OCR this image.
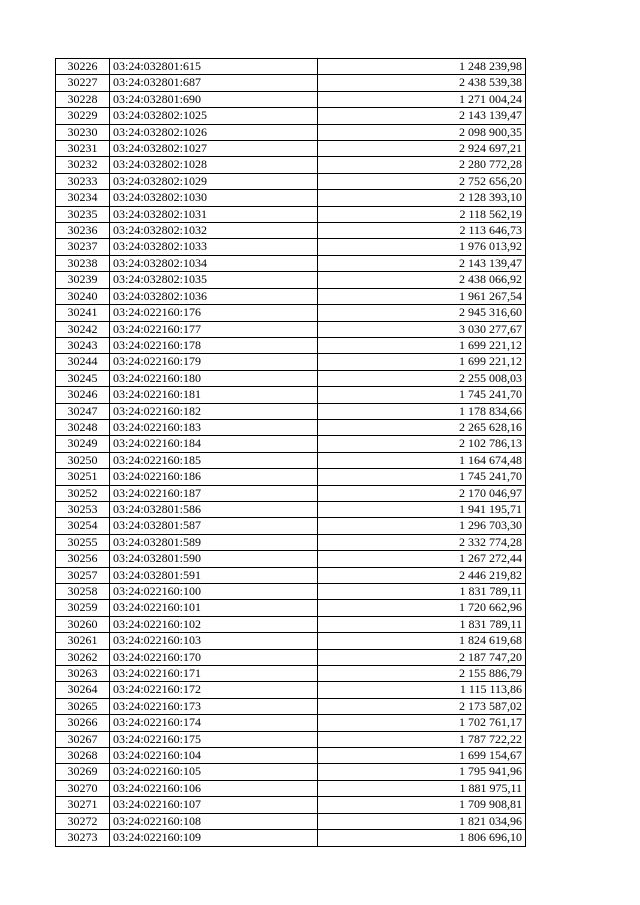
30226	03:24:032801:615	1 248 239,98
30227	03:24:032801:687	2 438 539,38
30228	03:24:032801:690	1 271 004,24
30229	03:24:032802:1025	2 143 139,47
30230	03:24:032802:1026	2 098 900,35
30231	03:24:032802:1027	2 924 697,21
30232	03:24:032802:1028	2 280 772,28
30233	03:24:032802:1029	2 752 656,20
30234	03:24:032802:1030	2 128 393,10
30235	03:24:032802:1031	2 118 562,19
30236	03:24:032802:1032	2 113 646,73
30237	03:24:032802:1033	1 976 013,92
30238	03:24:032802:1034	2 143 139,47
30239	03:24:032802:1035	2 438 066,92
30240	03:24:032802:1036	1 961 267,54
30241	03:24:022160:176	2 945 316,60
30242	03:24:022160:177	3 030 277,67
30243	03:24:022160:178	1 699 221,12
30244	03:24:022160:179	1 699 221,12
30245	03:24:022160:180	2 255 008,03
30246	03:24:022160:181	1 745 241,70
30247	03:24:022160:182	1 178 834,66
30248	03:24:022160:183	2 265 628,16
30249	03:24:022160:184	2 102 786,13
30250	03:24:022160:185	1 164 674,48
30251	03:24:022160:186	1 745 241,70
30252	03:24:022160:187	2 170 046,97
30253	03:24:032801:586	1 941 195,71
30254	03:24:032801:587	1 296 703,30
30255	03:24:032801:589	2 332 774,28
30256	03:24:032801:590	1 267 272,44
30257	03:24:032801:591	2 446 219,82
30258	03:24:022160:100	1 831 789,11
30259	03:24:022160:101	1 720 662,96
30260	03:24:022160:102	1 831 789,11
30261	03:24:022160:103	1 824 619,68
30262	03:24:022160:170	2 187 747,20
30263	03:24:022160:171	2 155 886,79
30264	03:24:022160:172	1 115 113,86
30265	03:24:022160:173	2 173 587,02
30266	03:24:022160:174	1 702 761,17
30267	03:24:022160:175	1 787 722,22
30268	03:24:022160:104	1 699 154,67
30269	03:24:022160:105	1 795 941,96
30270	03:24:022160:106	1 881 975,11
30271	03:24:022160:107	1 709 908,81
30272	03:24:022160:108	1 821 034,96
30273	03:24:022160:109	1 806 696,10
